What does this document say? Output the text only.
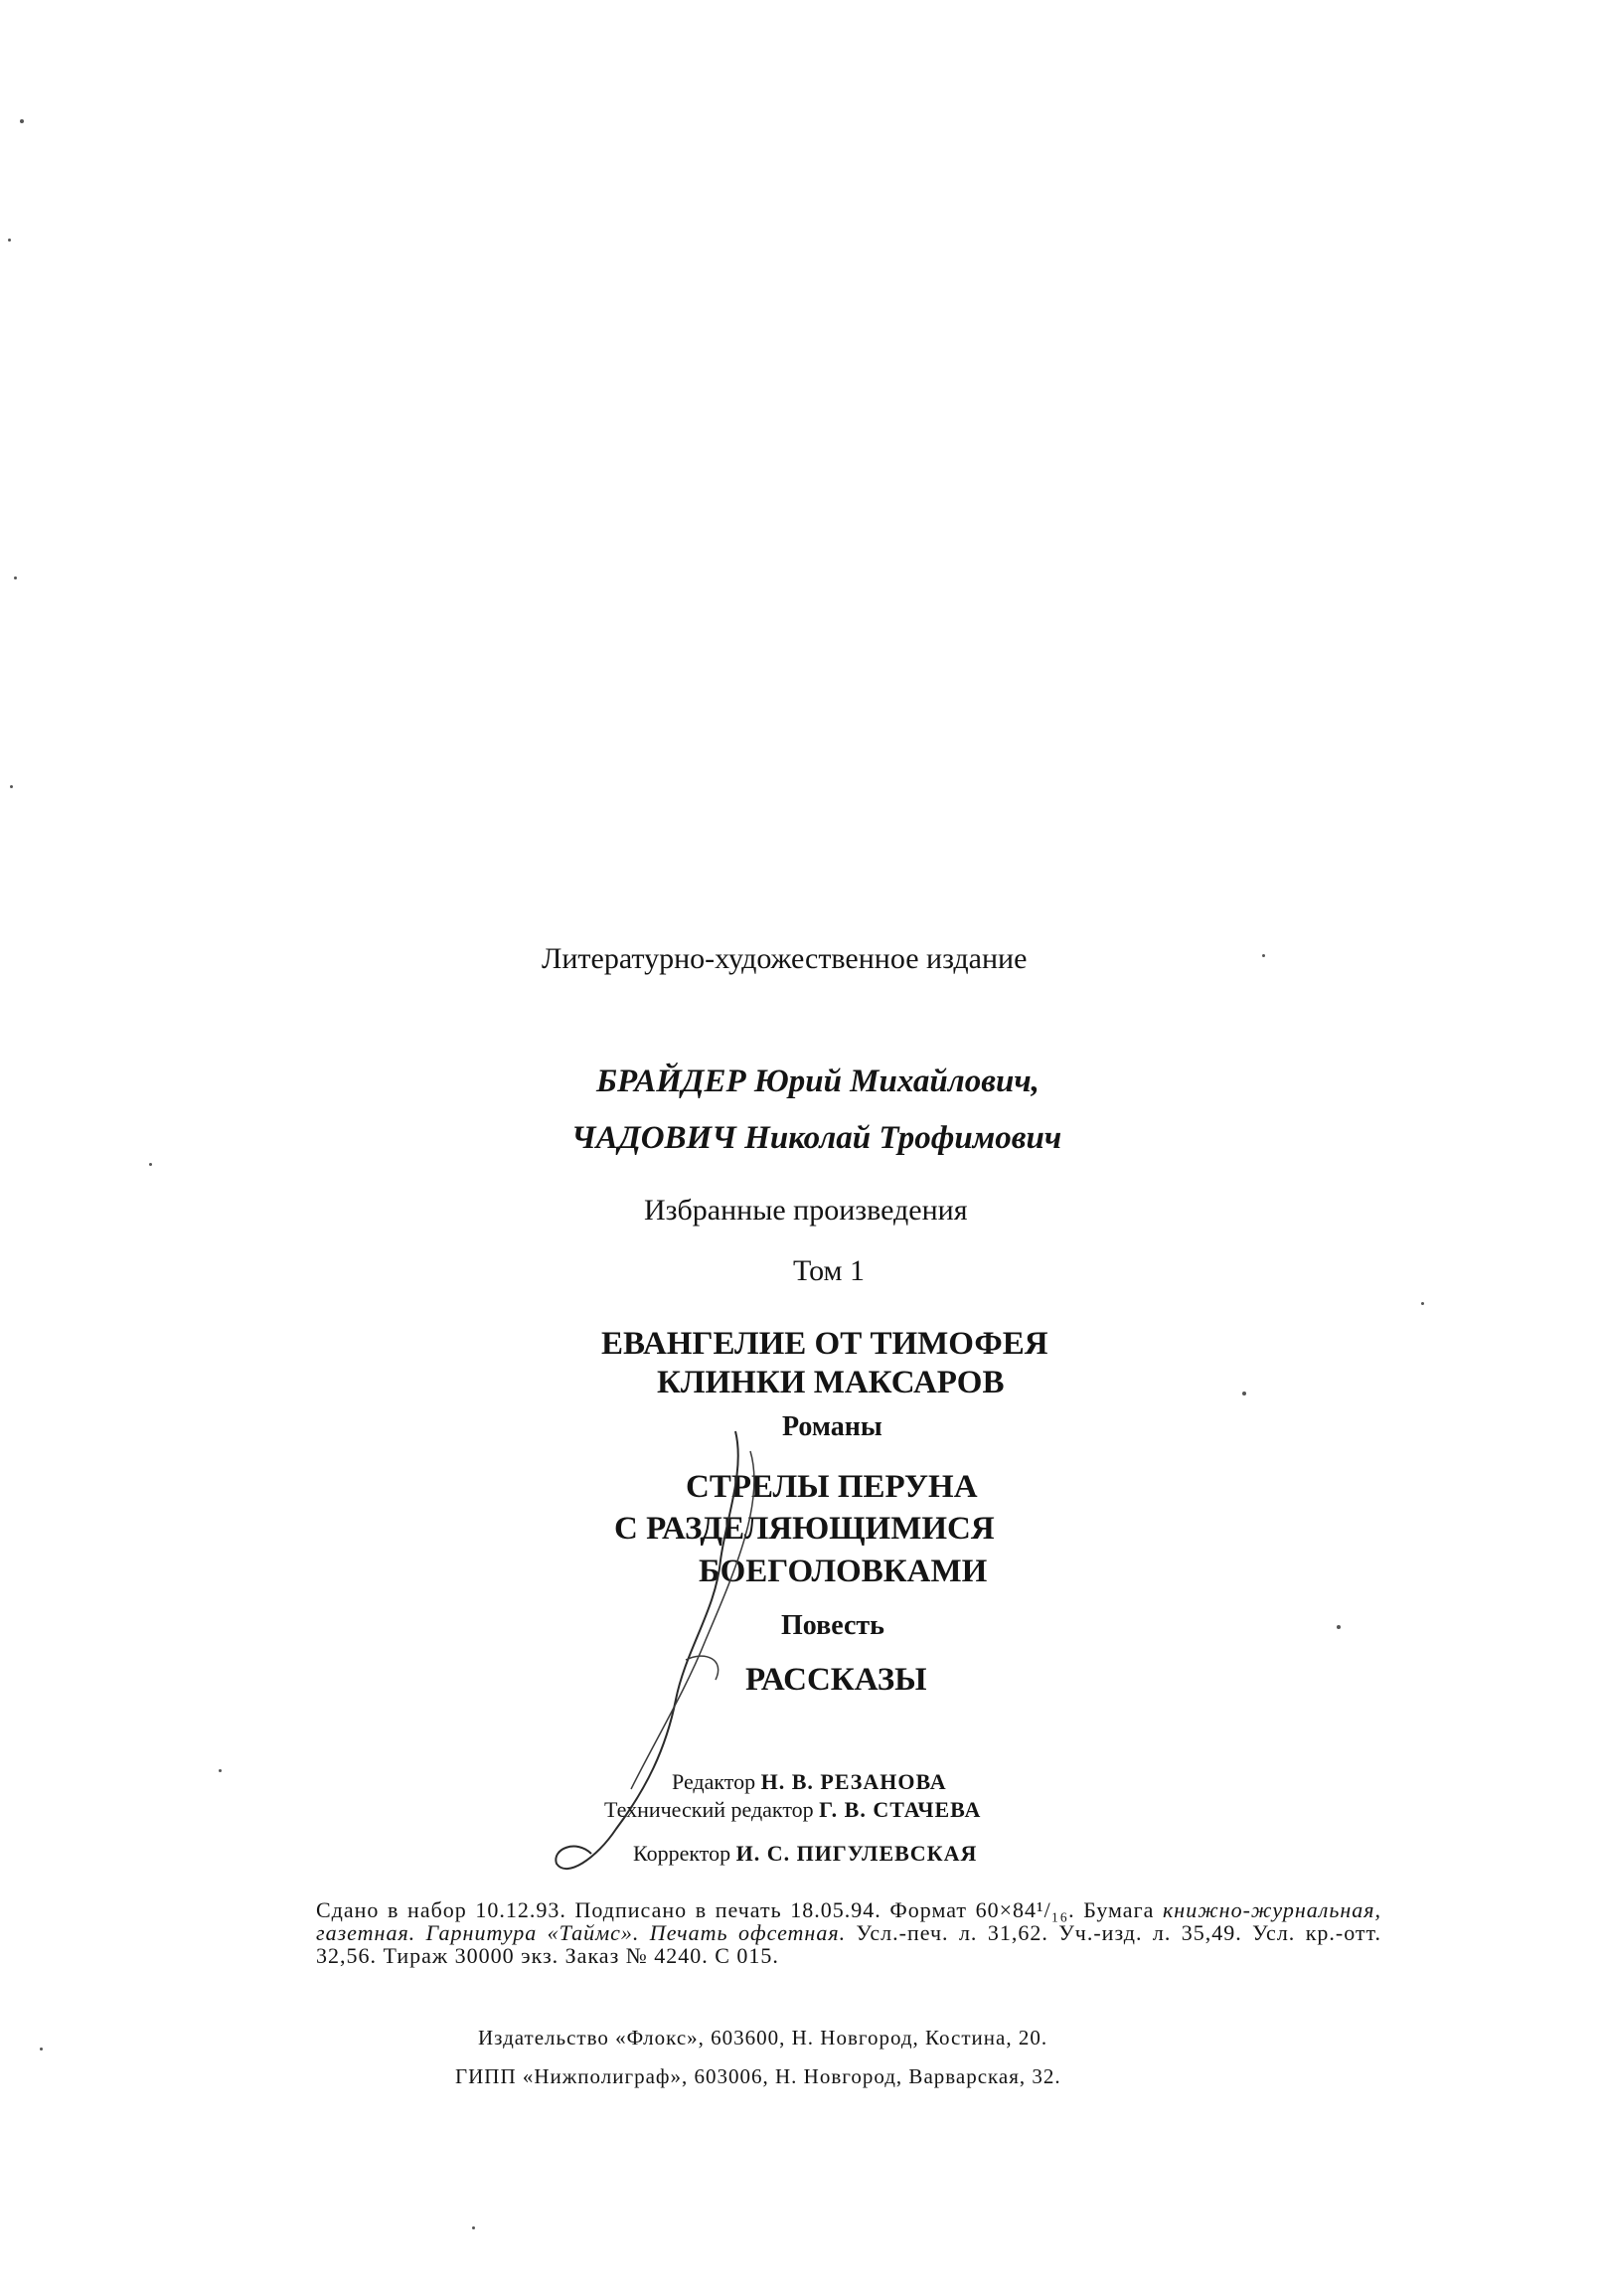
Литературно-художественное издание
БРАЙДЕР Юрий Михайлович,
ЧАДОВИЧ Николай Трофимович
Избранные произведения
Том 1
ЕВАНГЕЛИЕ ОТ ТИМОФЕЯ
КЛИНКИ МАКСАРОВ
Романы
СТРЕЛЫ ПЕРУНА
С РАЗДЕЛЯЮЩИМИСЯ
БОЕГОЛОВКАМИ
Повесть
РАССКАЗЫ
Редактор Н. В. РЕЗАНОВА
Технический редактор Г. В. СТАЧЕВА
Корректор И. С. ПИГУЛЕВСКАЯ
Сдано в набор 10.12.93. Подписано в печать 18.05.94. Формат 60×84¹/₁₆. Бумага книжно-журнальная, газетная. Гарнитура «Таймс». Печать офсетная. Усл.-печ. л. 31,62. Уч.-изд. л. 35,49. Усл. кр.-отт. 32,56. Тираж 30000 экз. Заказ № 4240. С 015.
Издательство «Флокс», 603600, Н. Новгород, Костина, 20.
ГИПП «Нижполиграф», 603006, Н. Новгород, Варварская, 32.
